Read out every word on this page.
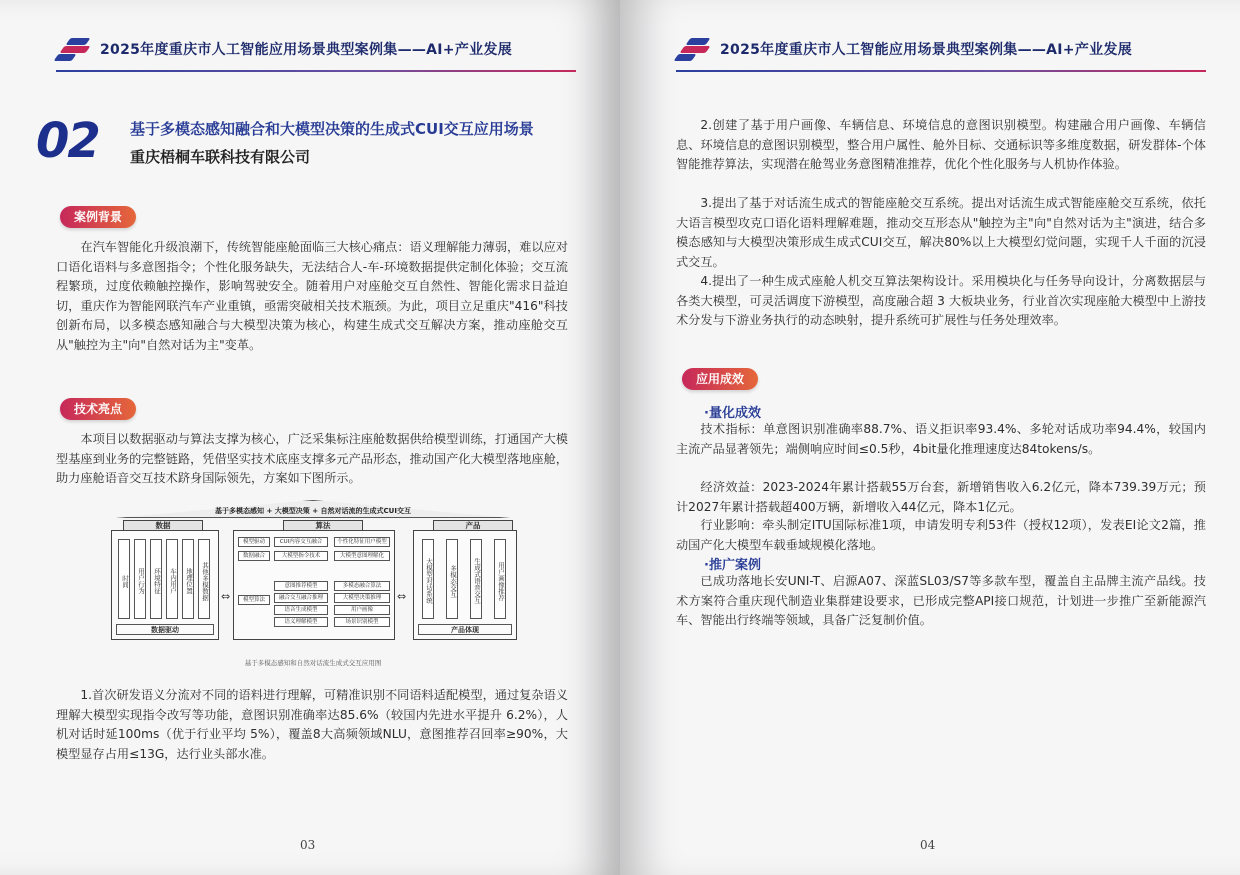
2025年度重庆市人工智能应用场景典型案例集——AI+产业发展
02 基于多模态感知融合和大模型决策的生成式CUI交互应用场景
重庆梧桐车联科技有限公司
案例背景
在汽车智能化升级浪潮下，传统智能座舱面临三大核心痛点：语义理解能力薄弱，难以应对口语化语料与多意图指令；个性化服务缺失，无法结合人-车-环境数据提供定制化体验；交互流程繁琐，过度依赖触控操作，影响驾驶安全。随着用户对座舱交互自然性、智能化需求日益迫切，重庆作为智能网联汽车产业重镇，亟需突破相关技术瓶颈。为此，项目立足重庆"416"科技创新布局，以多模态感知融合与大模型决策为核心，构建生成式交互解决方案，推动座舱交互从"触控为主"向"自然对话为主"变革。
技术亮点
本项目以数据驱动与算法支撑为核心，广泛采集标注座舱数据供给模型训练，打通国产大模型基座到业务的完整链路，凭借坚实技术底座支撑多元产品形态，推动国产化大模型落地座舱，助力座舱语音交互技术跻身国际领先，方案如下图所示。
基于多模态感知 + 大模型决策 + 自然对话流的生成式CUI交互
数据
时间	用户行为	环境特征	车内用户	地理位置	其他多模数据
数据驱动
⇔
算法
模型驱动
数据融合
模型算法
CUI内容交互融合
大模型指令技术
个性化特征用户模型
大模型意图理解化
意图推荐模型	多模态融合算法
融合交互融合推理	大模型决策推理
语音生成模型	用户画像
语义理解模型	场景识别模型
⇔
产品
大模型对话系统	多模态交互	生成式语音交互	用户画像推荐
产品体现
基于多模态感知和自然对话流生成式交互应用图
1.首次研发语义分流对不同的语料进行理解，可精准识别不同语料适配模型，通过复杂语义理解大模型实现指令改写等功能，意图识别准确率达85.6%（较国内先进水平提升 6.2%），人机对话时延100ms（优于行业平均 5%），覆盖8大高频领域NLU，意图推荐召回率≥90%，大模型显存占用≤13G，达行业头部水准。
03
2025年度重庆市人工智能应用场景典型案例集——AI+产业发展
2.创建了基于用户画像、车辆信息、环境信息的意图识别模型。构建融合用户画像、车辆信息、环境信息的意图识别模型，整合用户属性、舱外目标、交通标识等多维度数据，研发群体-个体智能推荐算法，实现潜在舱驾业务意图精准推荐，优化个性化服务与人机协作体验。
3.提出了基于对话流生成式的智能座舱交互系统。提出对话流生成式智能座舱交互系统，依托大语言模型攻克口语化语料理解难题，推动交互形态从"触控为主"向"自然对话为主"演进，结合多模态感知与大模型决策形成生成式CUI交互，解决80%以上大模型幻觉问题，实现千人千面的沉浸式交互。
4.提出了一种生成式座舱人机交互算法架构设计。采用模块化与任务导向设计，分离数据层与各类大模型，可灵活调度下游模型，高度融合超 3 大板块业务，行业首次实现座舱大模型中上游技术分发与下游业务执行的动态映射，提升系统可扩展性与任务处理效率。
应用成效
·量化成效
技术指标：单意图识别准确率88.7%、语义拒识率93.4%、多轮对话成功率94.4%，较国内主流产品显著领先；端侧响应时间≤0.5秒，4bit量化推理速度达84tokens/s。
经济效益：2023-2024年累计搭载55万台套，新增销售收入6.2亿元，降本739.39万元；预计2027年累计搭载超400万辆，新增收入44亿元，降本1亿元。
行业影响：牵头制定ITU国际标准1项，申请发明专利53件（授权12项），发表EI论文2篇，推动国产化大模型车载垂域规模化落地。
·推广案例
已成功落地长安UNI-T、启源A07、深蓝SL03/S7等多款车型，覆盖自主品牌主流产品线。技术方案符合重庆现代制造业集群建设要求，已形成完整API接口规范，计划进一步推广至新能源汽车、智能出行终端等领域，具备广泛复制价值。
04
